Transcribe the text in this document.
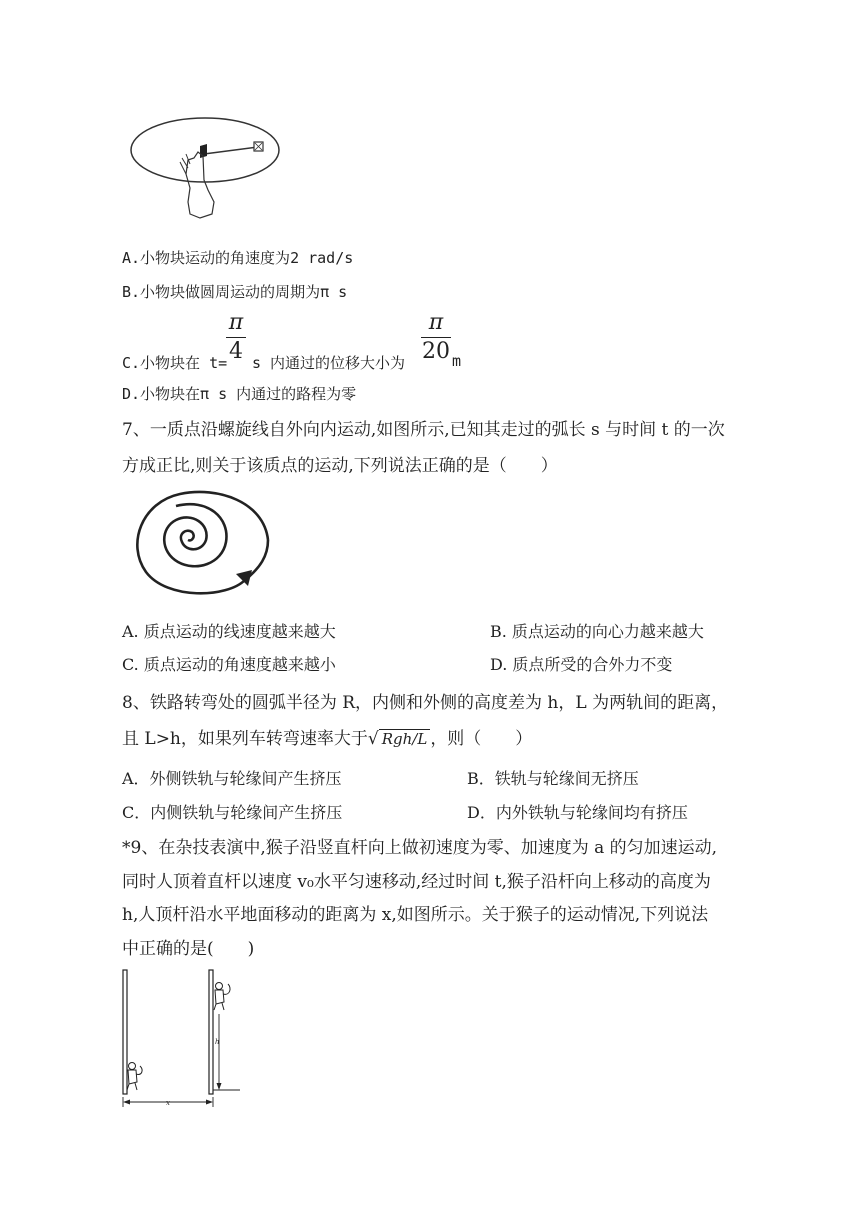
A.小物块运动的角速度为2 rad/s
B.小物块做圆周运动的周期为π s
C.小物块在 t=
π
4 s 内通过的位移大小为
π
20 m
D.小物块在π s 内通过的路程为零
7、一质点沿螺旋线自外向内运动,如图所示,已知其走过的弧长 s 与时间 t 的一次
方成正比,则关于该质点的运动,下列说法正确的是（　　）
A. 质点运动的线速度越来越大	B. 质点运动的向心力越来越大
C. 质点运动的角速度越来越小	D. 质点所受的合外力不变
8、铁路转弯处的圆弧半径为 R，内侧和外侧的高度差为 h，L 为两轨间的距离，
且 L>h，如果列车转弯速率大于√ Rgh/L ，则（　　）
A．外侧铁轨与轮缘间产生挤压	B．铁轨与轮缘间无挤压
C．内侧铁轨与轮缘间产生挤压	D．内外铁轨与轮缘间均有挤压
*9、在杂技表演中,猴子沿竖直杆向上做初速度为零、加速度为 a 的匀加速运动,
同时人顶着直杆以速度 v₀水平匀速移动,经过时间 t,猴子沿杆向上移动的高度为
h,人顶杆沿水平地面移动的距离为 x,如图所示。关于猴子的运动情况,下列说法
中正确的是(　　)
h
x
